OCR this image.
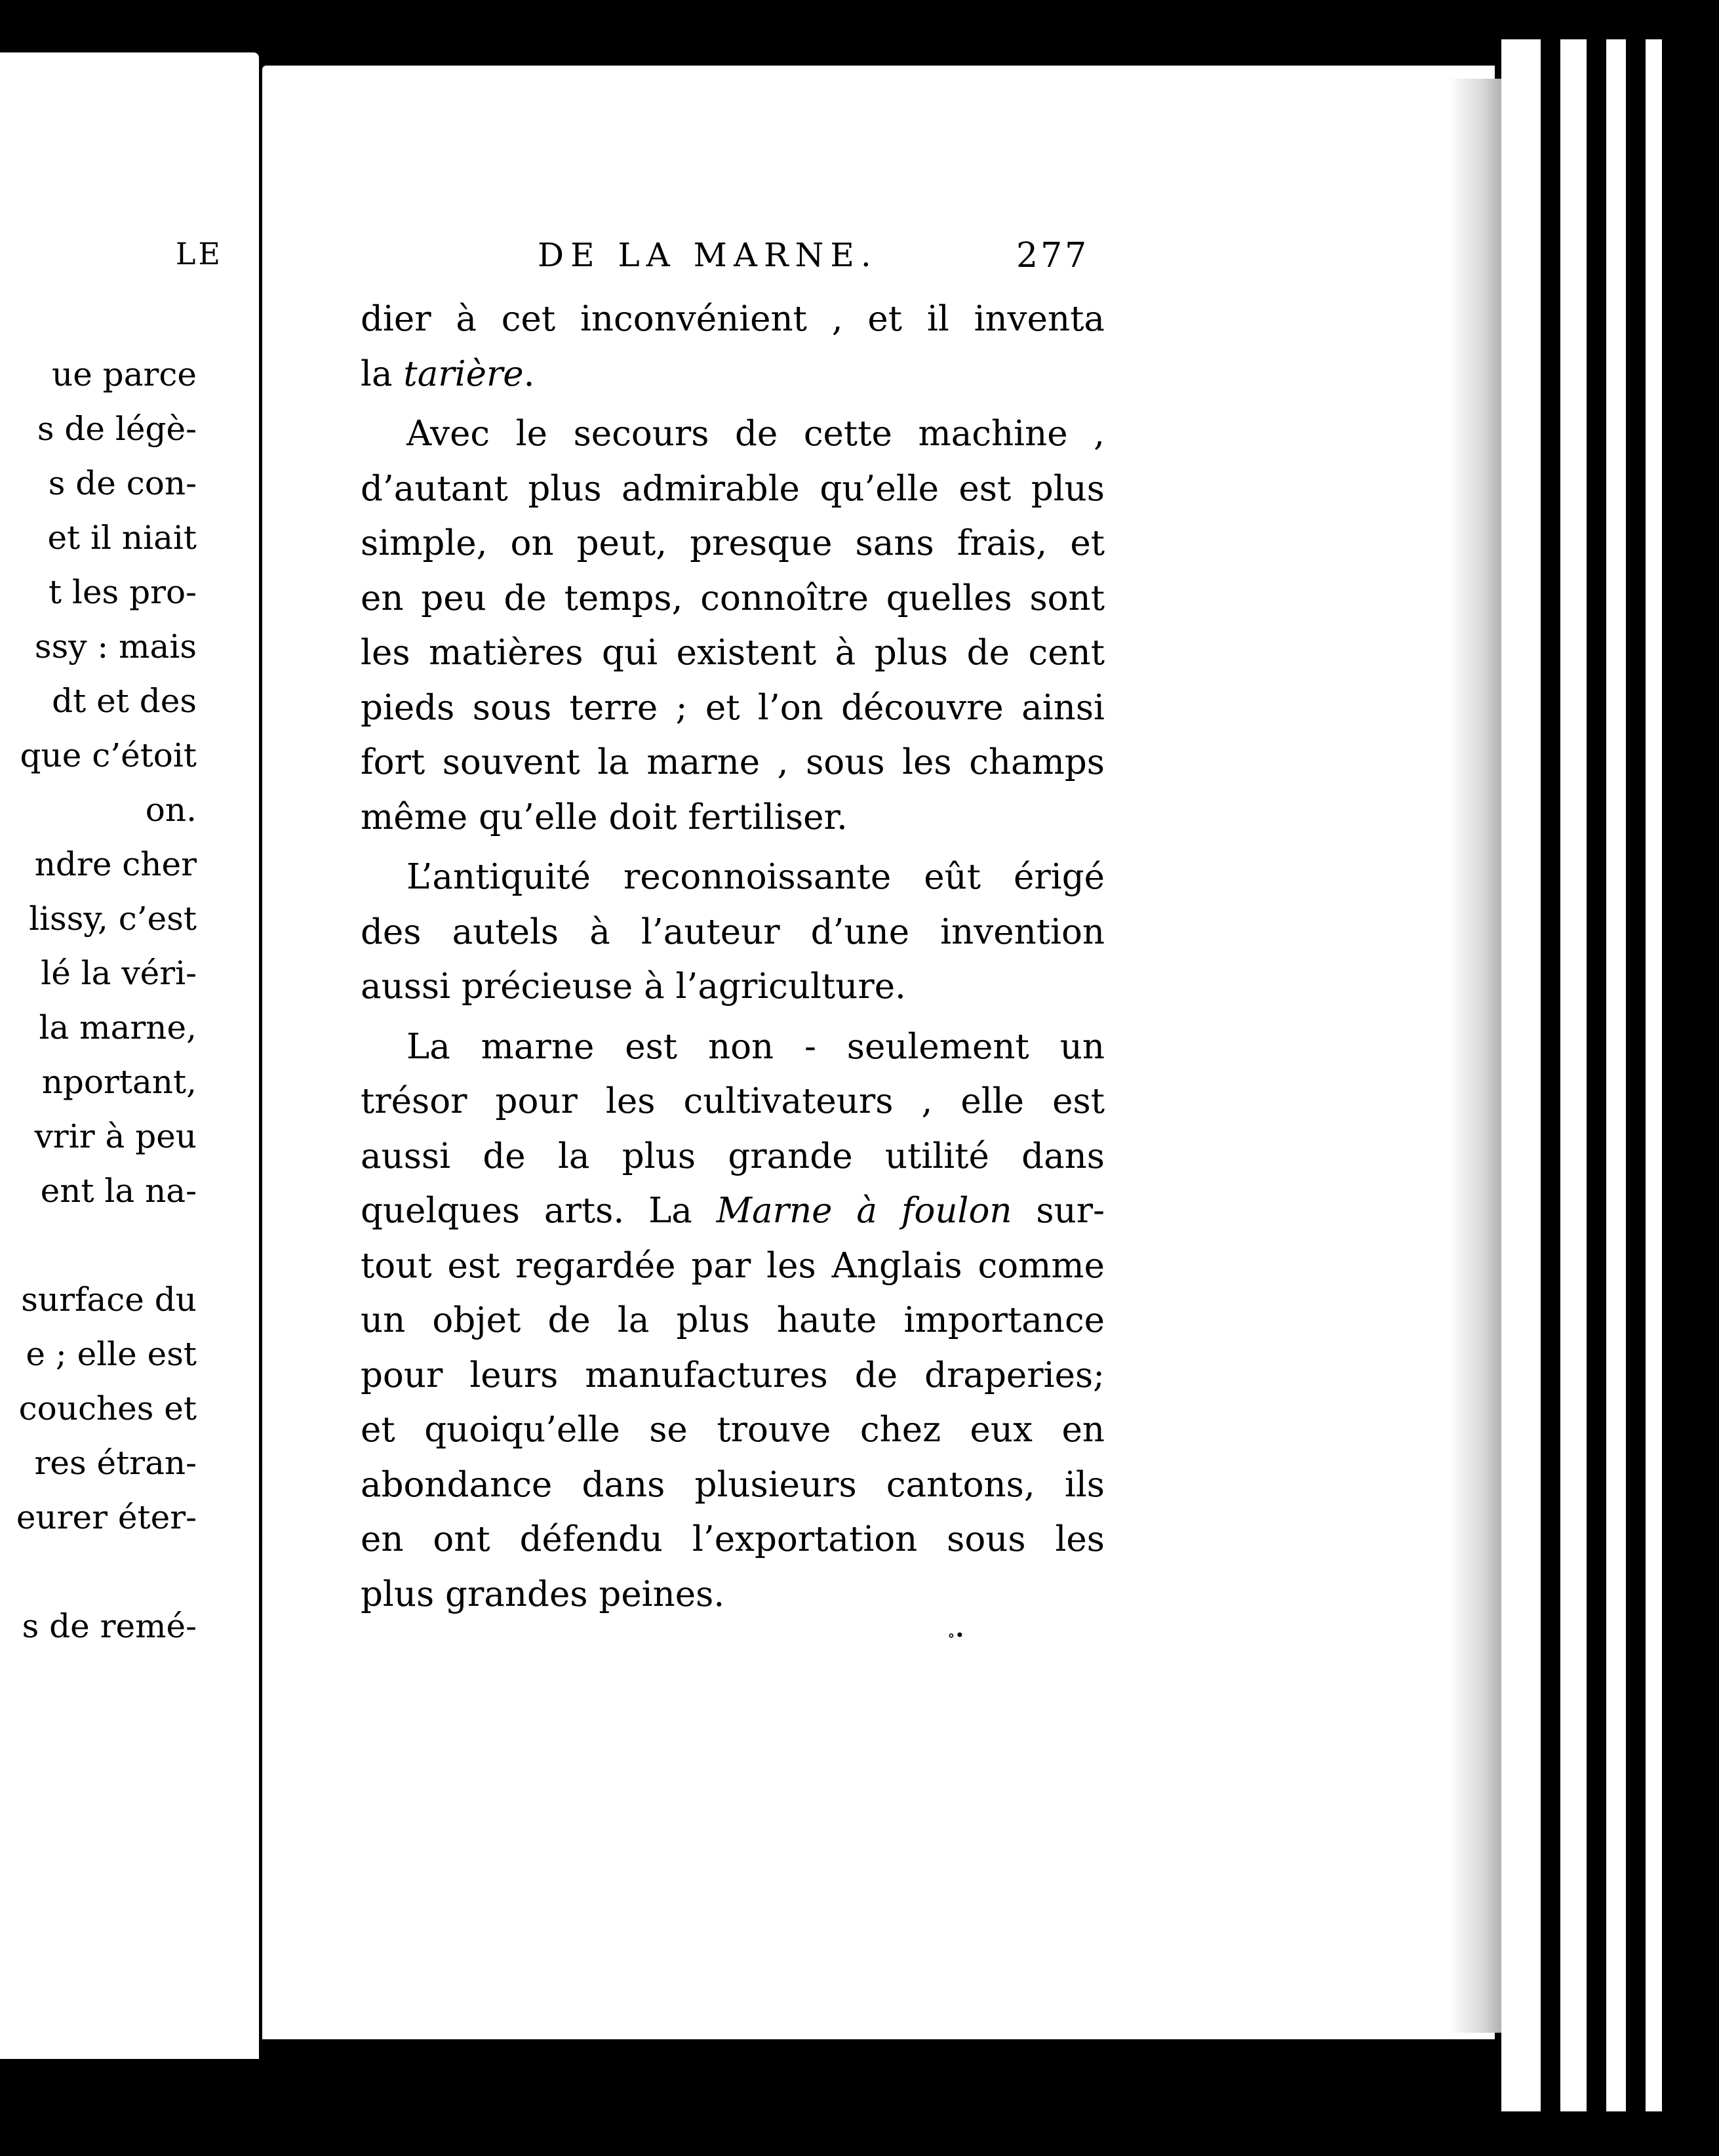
LE
ue parce
s de légè-
s de con-
et il niait
t les pro-
ssy : mais
dt et des
que c’étoit
on.
ndre cher
lissy, c’est
lé la véri-
la marne,
nportant,
vrir à peu
ent la na-
surface du
e ; elle est
couches et
res étran-
eurer éter-
s de remé-
DE LA MARNE.	277
dier à cet inconvénient , et il inventa
la tarière.
Avec le secours de cette machine ,
d’autant plus admirable qu’elle est plus
simple, on peut, presque sans frais, et
en peu de temps, connoître quelles sont
les matières qui existent à plus de cent
pieds sous terre ; et l’on découvre ainsi
fort souvent la marne , sous les champs
même qu’elle doit fertiliser.
L’antiquité reconnoissante eût érigé
des autels à l’auteur d’une invention
aussi précieuse à l’agriculture.
La marne est non - seulement un
trésor pour les cultivateurs , elle est
aussi de la plus grande utilité dans
quelques arts. La Marne à foulon sur-
tout est regardée par les Anglais comme
un objet de la plus haute importance
pour leurs manufactures de draperies;
et quoiqu’elle se trouve chez eux en
abondance dans plusieurs cantons, ils
en ont défendu l’exportation sous les
plus grandes peines.
∘•
